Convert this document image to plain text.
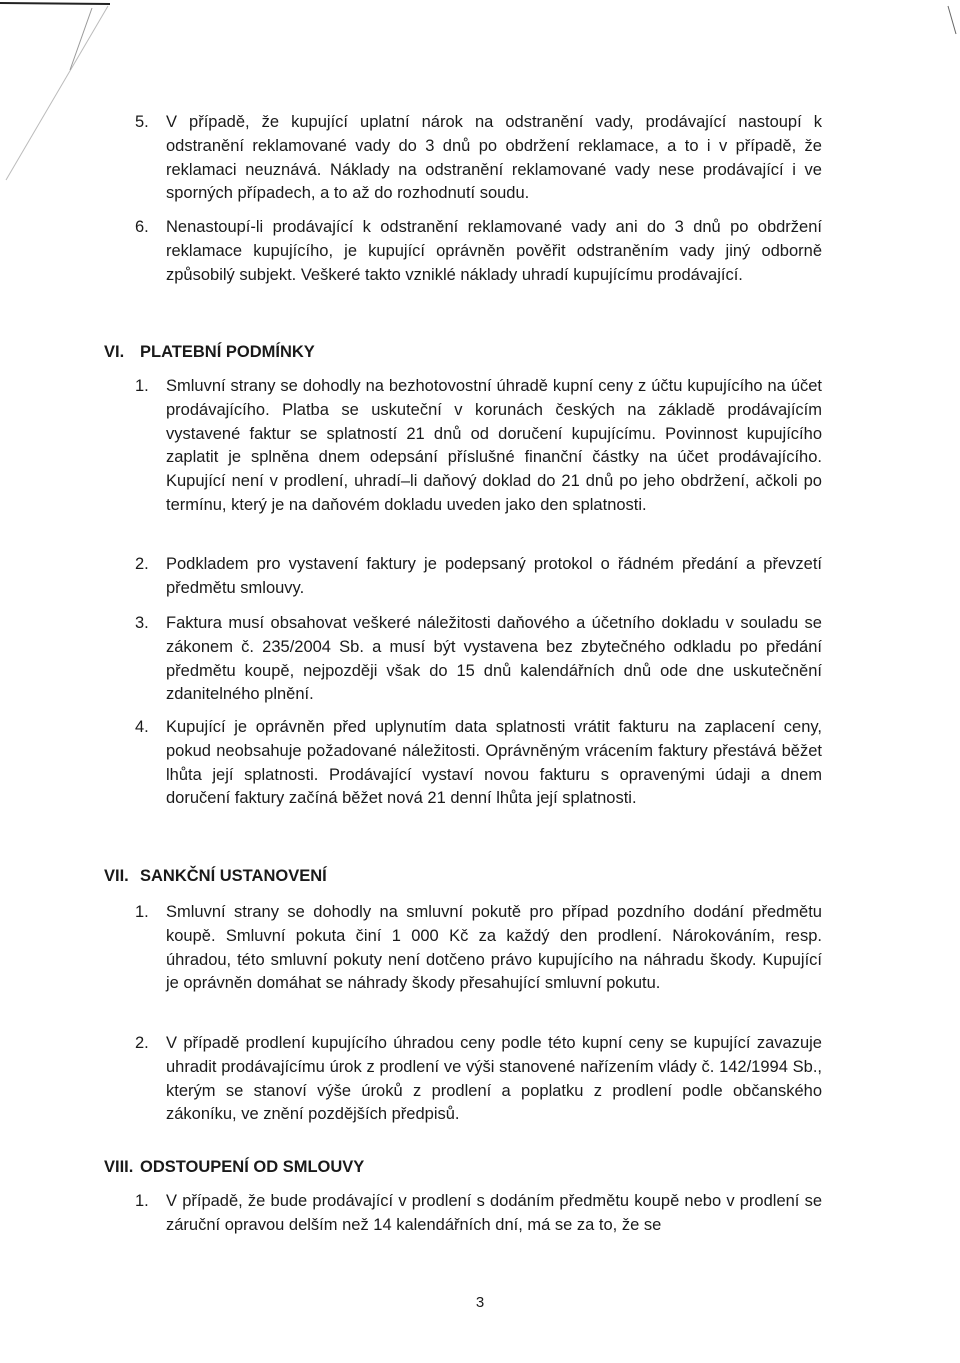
5. V případě, že kupující uplatní nárok na odstranění vady, prodávající nastoupí k odstranění reklamované vady do 3 dnů po obdržení reklamace, a to i v případě, že reklamaci neuznává. Náklady na odstranění reklamované vady nese prodávající i ve sporných případech, a to až do rozhodnutí soudu.
6. Nenastoupí-li prodávající k odstranění reklamované vady ani do 3 dnů po obdržení reklamace kupujícího, je kupující oprávněn pověřit odstraněním vady jiný odborně způsobilý subjekt. Veškeré takto vzniklé náklady uhradí kupujícímu prodávající.
VI. PLATEBNÍ PODMÍNKY
1. Smluvní strany se dohodly na bezhotovostní úhradě kupní ceny z účtu kupujícího na účet prodávajícího. Platba se uskuteční v korunách českých na základě prodávajícím vystavené faktur se splatností 21 dnů od doručení kupujícímu. Povinnost kupujícího zaplatit je splněna dnem odepsání příslušné finanční částky na účet prodávajícího. Kupující není v prodlení, uhradí–li daňový doklad do 21 dnů po jeho obdržení, ačkoli po termínu, který je na daňovém dokladu uveden jako den splatnosti.
2. Podkladem pro vystavení faktury je podepsaný protokol o řádném předání a převzetí předmětu smlouvy.
3. Faktura musí obsahovat veškeré náležitosti daňového a účetního dokladu v souladu se zákonem č. 235/2004 Sb. a musí být vystavena bez zbytečného odkladu po předání předmětu koupě, nejpozději však do 15 dnů kalendářních dnů ode dne uskutečnění zdanitelného plnění.
4. Kupující je oprávněn před uplynutím data splatnosti vrátit fakturu na zaplacení ceny, pokud neobsahuje požadované náležitosti. Oprávněným vrácením faktury přestává běžet lhůta její splatnosti. Prodávající vystaví novou fakturu s opravenými údaji a dnem doručení faktury začíná běžet nová 21 denní lhůta její splatnosti.
VII. SANKČNÍ USTANOVENÍ
1. Smluvní strany se dohodly na smluvní pokutě pro případ pozdního dodání předmětu koupě. Smluvní pokuta činí 1 000 Kč za každý den prodlení. Nárokováním, resp. úhradou, této smluvní pokuty není dotčeno právo kupujícího na náhradu škody. Kupující je oprávněn domáhat se náhrady škody přesahující smluvní pokutu.
2. V případě prodlení kupujícího úhradou ceny podle této kupní ceny se kupující zavazuje uhradit prodávajícímu úrok z prodlení ve výši stanovené nařízením vlády č. 142/1994 Sb., kterým se stanoví výše úroků z prodlení a poplatku z prodlení podle občanského zákoníku, ve znění pozdějších předpisů.
VIII. ODSTOUPENÍ OD SMLOUVY
1. V případě, že bude prodávající v prodlení s dodáním předmětu koupě nebo v prodlení se záruční opravou delším než 14 kalendářních dní, má se za to, že se
3
